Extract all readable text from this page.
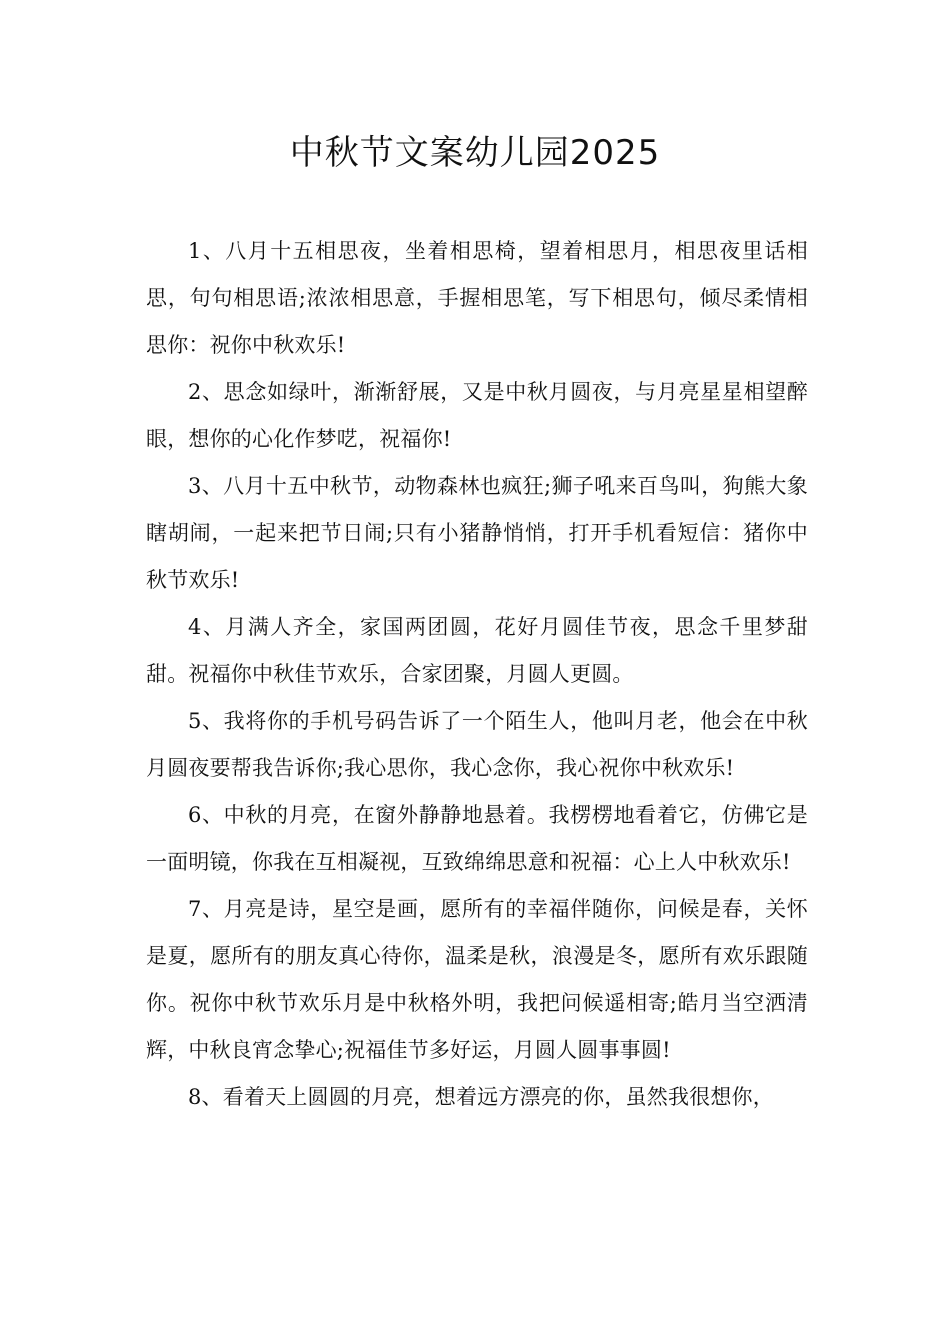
中秋节文案幼儿园2025

1、八月十五相思夜，坐着相思椅，望着相思月，相思夜里话相思，句句相思语;浓浓相思意，手握相思笔，写下相思句，倾尽柔情相思你：祝你中秋欢乐!

2、思念如绿叶，渐渐舒展，又是中秋月圆夜，与月亮星星相望醉眼，想你的心化作梦呓，祝福你!

3、八月十五中秋节，动物森林也疯狂;狮子吼来百鸟叫，狗熊大象瞎胡闹，一起来把节日闹;只有小猪静悄悄，打开手机看短信：猪你中秋节欢乐!

4、月满人齐全，家国两团圆，花好月圆佳节夜，思念千里梦甜甜。祝福你中秋佳节欢乐，合家团聚，月圆人更圆。

5、我将你的手机号码告诉了一个陌生人，他叫月老，他会在中秋月圆夜要帮我告诉你;我心思你，我心念你，我心祝你中秋欢乐!

6、中秋的月亮，在窗外静静地悬着。我楞楞地看着它，仿佛它是一面明镜，你我在互相凝视，互致绵绵思意和祝福：心上人中秋欢乐!

7、月亮是诗，星空是画，愿所有的幸福伴随你，问候是春，关怀是夏，愿所有的朋友真心待你，温柔是秋，浪漫是冬，愿所有欢乐跟随你。祝你中秋节欢乐月是中秋格外明，我把问候遥相寄;皓月当空洒清辉，中秋良宵念挚心;祝福佳节多好运，月圆人圆事事圆!

8、看着天上圆圆的月亮，想着远方漂亮的你，虽然我很想你，
